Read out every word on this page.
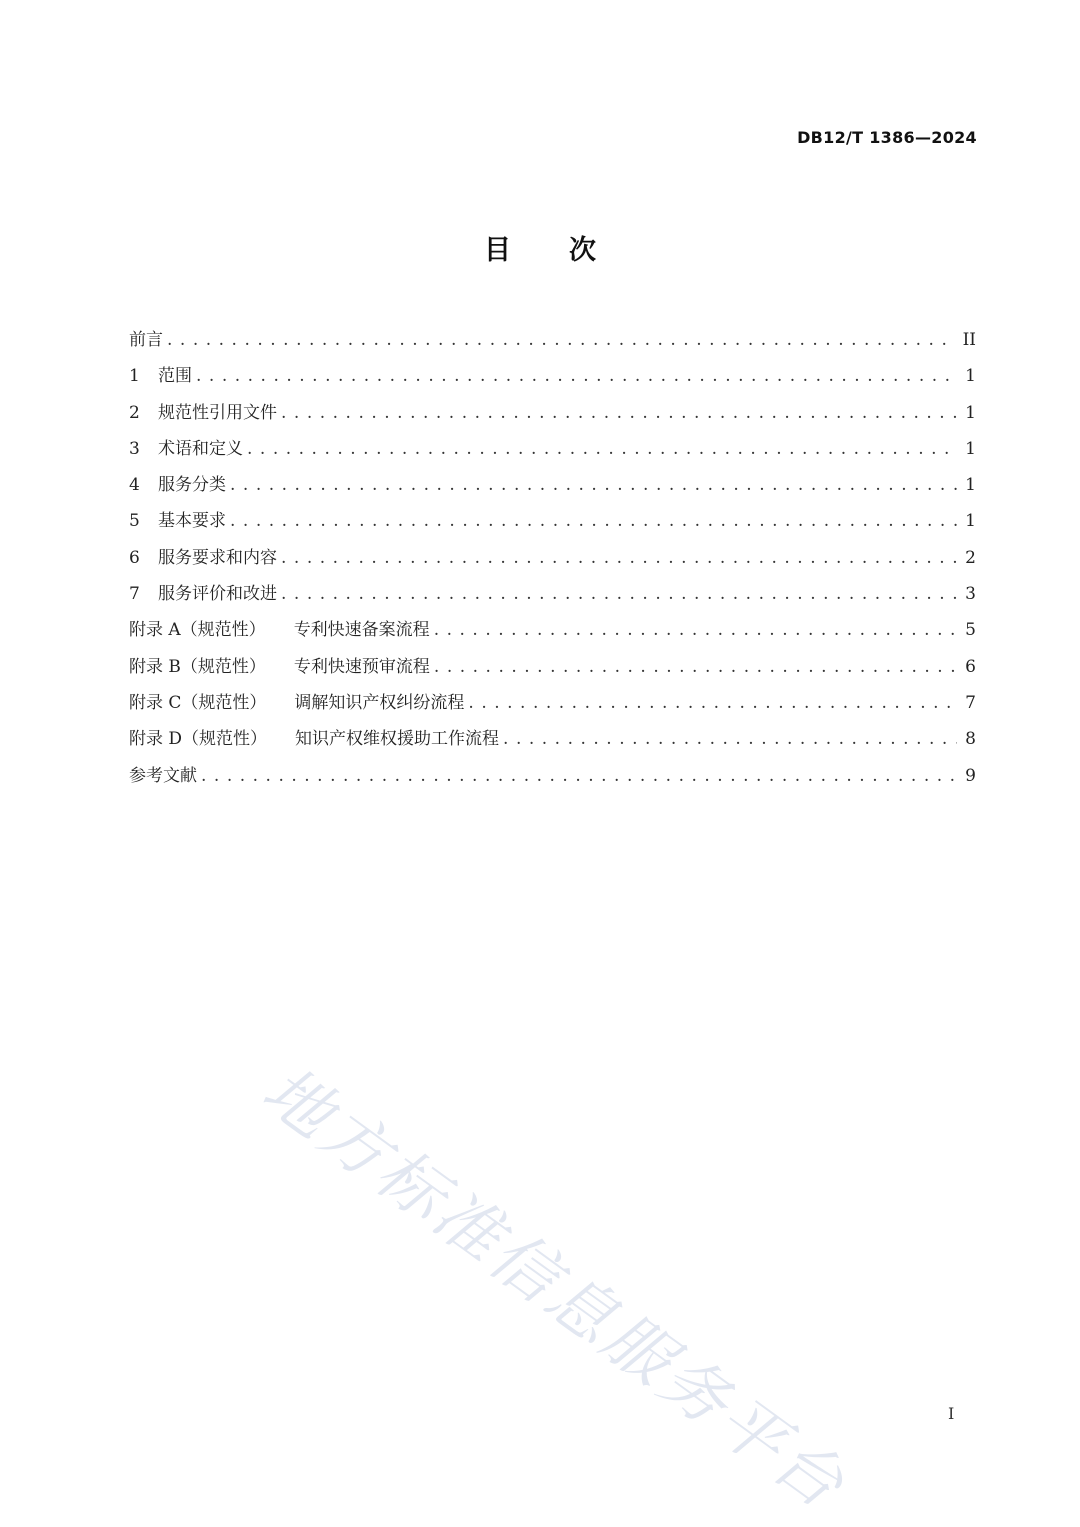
DB12/T 1386—2024
目 次
前言 . . .	II
1	范围 . . .	1
2	规范性引用文件 . . .	1
3	术语和定义 . . .	1
4	服务分类 . . .	1
5	基本要求 . . .	1
6	服务要求和内容 . . .	2
7	服务评价和改进 . . .	3
附录 A（规范性） 专利快速备案流程 . . .	5
附录 B（规范性） 专利快速预审流程 . . .	6
附录 C（规范性） 调解知识产权纠纷流程 . . .	7
附录 D（规范性） 知识产权维权援助工作流程 . . .	8
参考文献 . . .	9
地方标准信息服务平台	I
